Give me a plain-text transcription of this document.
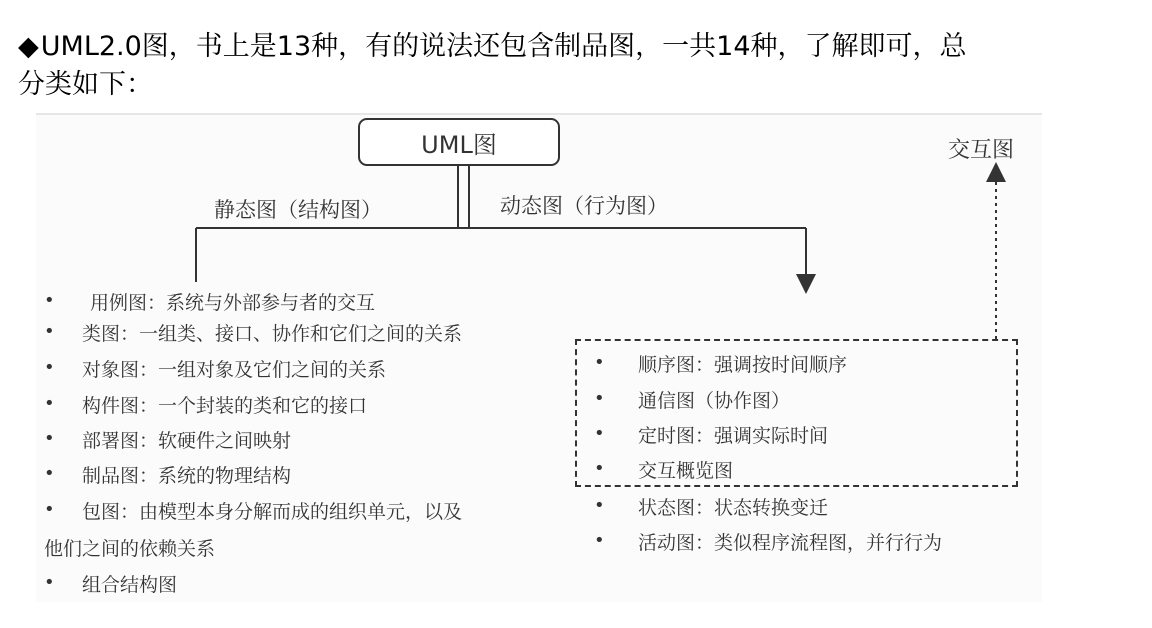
◆UML2.0图，书上是13种，有的说法还包含制品图，一共14种，了解即可，总
分类如下：
UML图	交互图
静态图（结构图）	动态图（行为图）
• 用例图：系统与外部参与者的交互
• 类图：一组类、接口、协作和它们之间的关系
• 对象图：一组对象及它们之间的关系
• 构件图：一个封装的类和它的接口
• 部署图：软硬件之间映射
• 制品图：系统的物理结构
• 包图：由模型本身分解而成的组织单元，以及
他们之间的依赖关系
• 组合结构图
• 顺序图：强调按时间顺序
• 通信图（协作图）
• 定时图：强调实际时间
• 交互概览图
• 状态图：状态转换变迁
• 活动图：类似程序流程图，并行行为
